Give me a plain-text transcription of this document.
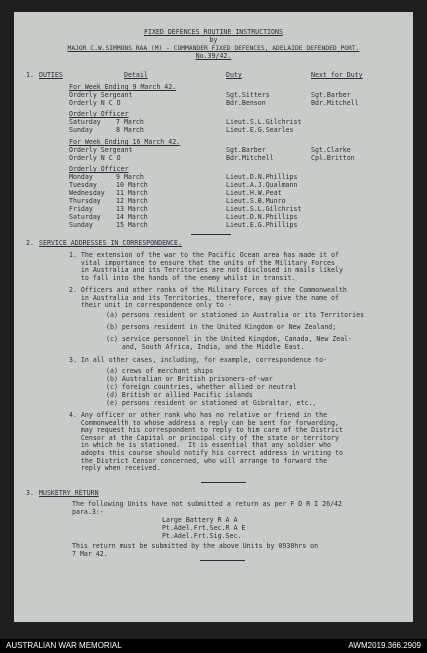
FIXED DEFENCES ROUTINE INSTRUCTIONS
by
MAJOR C.W.SIMMONS RAA (M) - COMMANDER FIXED DEFENCES, ADELAIDE DEFENDED PORT.
No.39/42.
1. DUTIES	Detail	Duty	Next for Duty
For Week Ending 9 March 42.
Orderly Sergeant	Sgt.Sitters	Sgt.Barber
Orderly N C O	Bdr.Benson	Bdr.Mitchell
Orderly Officer
Saturday 7 March	Lieut.S.L.Gilchrist
Sunday	8 March	Lieut.E.G.Searles
For Week Ending 16 March 42.
Orderly Sergeant	Sgt.Barber	Sgt.Clarke
Orderly N C O	Bdr.Mitchell	Cpl.Britton
Orderly Officer
Monday	9 March	Lieut.D.N.Phillips
Tuesday	10 March	Lieut.A.J.Qualmann
Wednesday 11 March	Lieut.H.W.Peat
Thursday 12 March	Lieut.S.B.Munro
Friday	13 March	Lieut.S.L.Gilchrist
Saturday 14 March	Lieut.D.N.Phillips
Sunday	15 March	Lieut.E.G.Phillips
2. SERVICE ADDRESSES IN CORRESPONDENCE.
1. The extension of the war to the Pacific Ocean area has made it of
vital importance to ensure that the units of the Military Forces
in Australia and its Territories are not disclosed in mails likely
to fall into the hands of the enemy whilst in transit.
2. Officers and other ranks of the Military Forces of the Commonwealth
in Australia and its Territories, therefore, may give the name of
their unit in correspondence only to -
(a) persons resident or stationed in Australia or its Territories
(b) persons resident in the United Kingdom or New Zealand;
(c) service personnel in the United Kingdom, Canada, New Zeal-
and, South Africa, India, and the Middle East.
3. In all other cases, including, for example, correspondence to-
(a) crews of merchant ships
(b) Australian or British prisoners-of-war
(c) foreign countries, whether allied or neutral
(d) British or allied Pacific islands
(e) persons resident or stationed at Gibraltar, etc.,
4. Any officer or other rank who has no relative or friend in the
Commonwealth to whose address a reply can be sent for forwarding,
may request his correspondent to reply to him care of the District
Censor at the Capital or principal city of the state or territory
in which he is stationed.  It is essential that any soldier who
adopts this course should notify his correct address in writing to
the District Censor concerned, who will arrange to forward the
reply when received.
3. MUSKETRY RETURN
The following Units have not submitted a return as per F D R I 26/42
para.3:-
Large Battery R A A
Pt.Adel.Frt.Sec.R A E
Pt.Adel.Frt.Sig.Sec.
This return must be submitted by the above Units by 0930hrs on
7 Mar 42.
AUSTRALIAN WAR MEMORIAL	AWM2019.366.2909
